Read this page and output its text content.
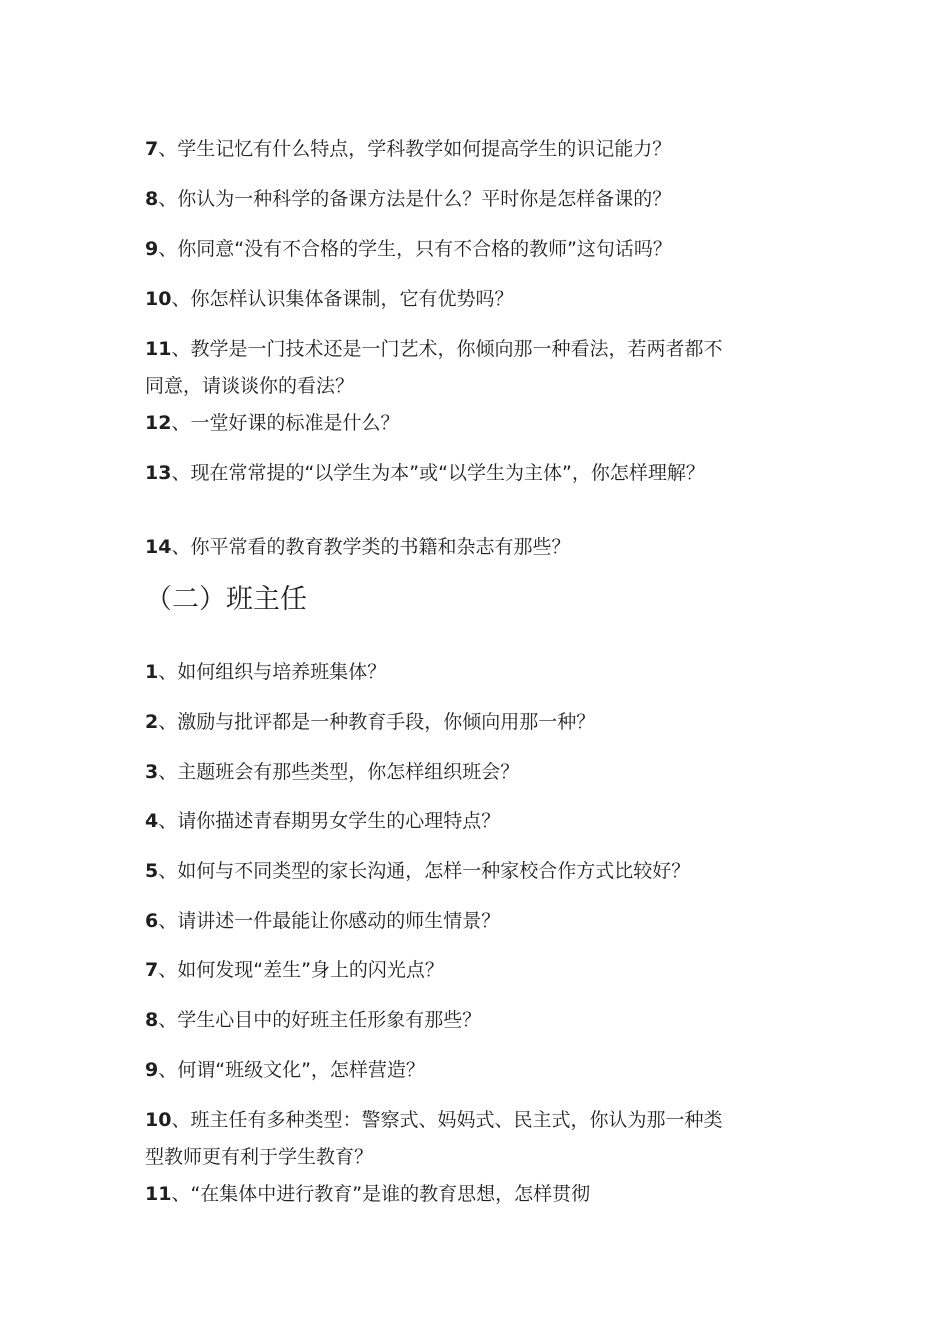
7、学生记忆有什么特点，学科教学如何提高学生的识记能力？
8、你认为一种科学的备课方法是什么？平时你是怎样备课的？
9、你同意“没有不合格的学生，只有不合格的教师”这句话吗？
10、你怎样认识集体备课制，它有优势吗？
11、教学是一门技术还是一门艺术，你倾向那一种看法，若两者都不
同意，请谈谈你的看法？
12、一堂好课的标准是什么？
13、现在常常提的“以学生为本”或“以学生为主体”，你怎样理解？
14、你平常看的教育教学类的书籍和杂志有那些？
（二）班主任
1、如何组织与培养班集体？
2、激励与批评都是一种教育手段，你倾向用那一种？
3、主题班会有那些类型，你怎样组织班会？
4、请你描述青春期男女学生的心理特点？
5、如何与不同类型的家长沟通，怎样一种家校合作方式比较好？
6、请讲述一件最能让你感动的师生情景？
7、如何发现“差生”身上的闪光点？
8、学生心目中的好班主任形象有那些？
9、何谓“班级文化”，怎样营造？
10、班主任有多种类型：警察式、妈妈式、民主式，你认为那一种类
型教师更有利于学生教育？
11、“在集体中进行教育”是谁的教育思想，怎样贯彻
